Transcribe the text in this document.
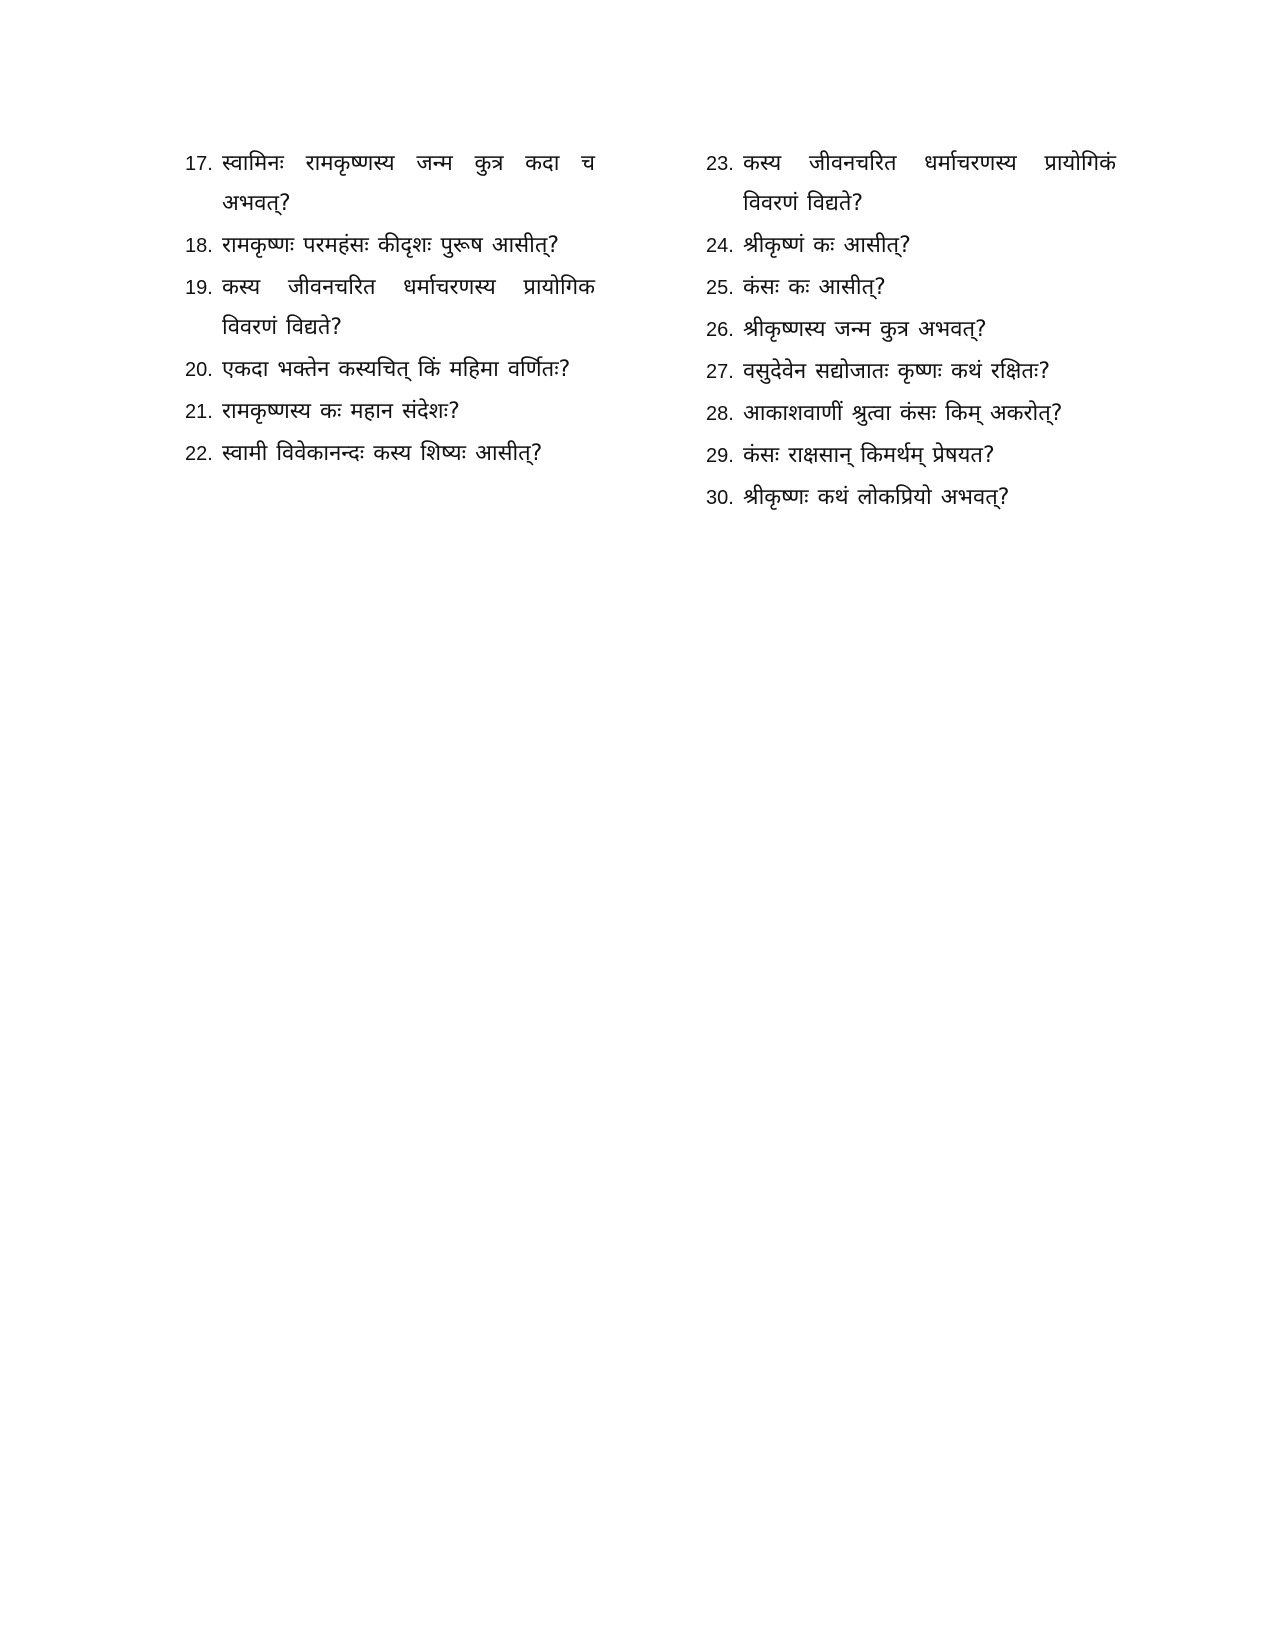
17. स्वामिनः रामकृष्णस्य जन्म कुत्र कदा च अभवत्?
18. रामकृष्णः परमहंसः कीदृशः पुरूष आसीत्?
19. कस्य जीवनचरित धर्माचरणस्य प्रायोगिक विवरणं विद्यते?
20. एकदा भक्तेन कस्यचित् किं महिमा वर्णितः?
21. रामकृष्णस्य कः महान संदेशः?
22. स्वामी विवेकानन्दः कस्य शिष्यः आसीत्?
23. कस्य जीवनचरित धर्माचरणस्य प्रायोगिकं विवरणं विद्यते?
24. श्रीकृष्णं कः आसीत्?
25. कंसः कः आसीत्?
26. श्रीकृष्णस्य जन्म कुत्र अभवत्?
27. वसुदेवेन सद्योजातः कृष्णः कथं रक्षितः?
28. आकाशवाणीं श्रुत्वा कंसः किम् अकरोत्?
29. कंसः राक्षसान् किमर्थम् प्रेषयत?
30. श्रीकृष्णः कथं लोकप्रियो अभवत्?
